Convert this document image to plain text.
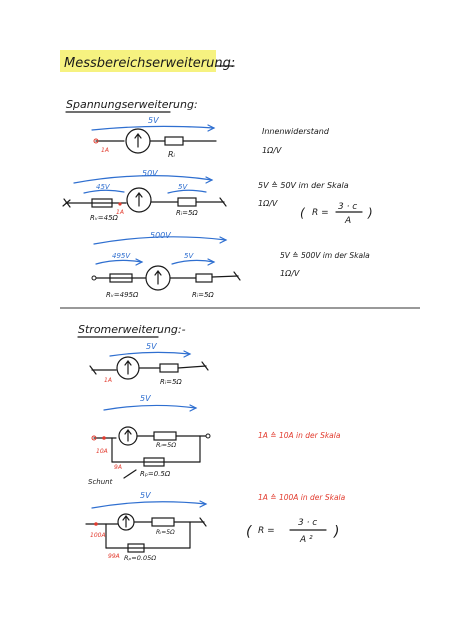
Messbereichserweiterung:
Spannungserweiterung:
5V
1A	Rᵢ
Innenwiderstand
1Ω/V
50V
45V	5V
Rᵥ=45Ω
Rᵢ=5Ω
1A
5V ≙ 50V im der Skala
1Ω/V
( R =
3 · c
A
)
500V
495V	5V
Rᵥ=495Ω	Rᵢ=5Ω
5V ≙ 500V im der Skala
1Ω/V
Stromerweiterung:-
5V
1A	Rᵢ=5Ω
5V
10A
9A
Rᵢ=5Ω
Rₚ=0.5Ω
Schunt
1A ≙ 10A in der Skala
5V
100A
99A
Rᵢ=5Ω
Rₚ=0.05Ω
1A ≙ 100A in der Skala
( R =
3 · c
A ² )
